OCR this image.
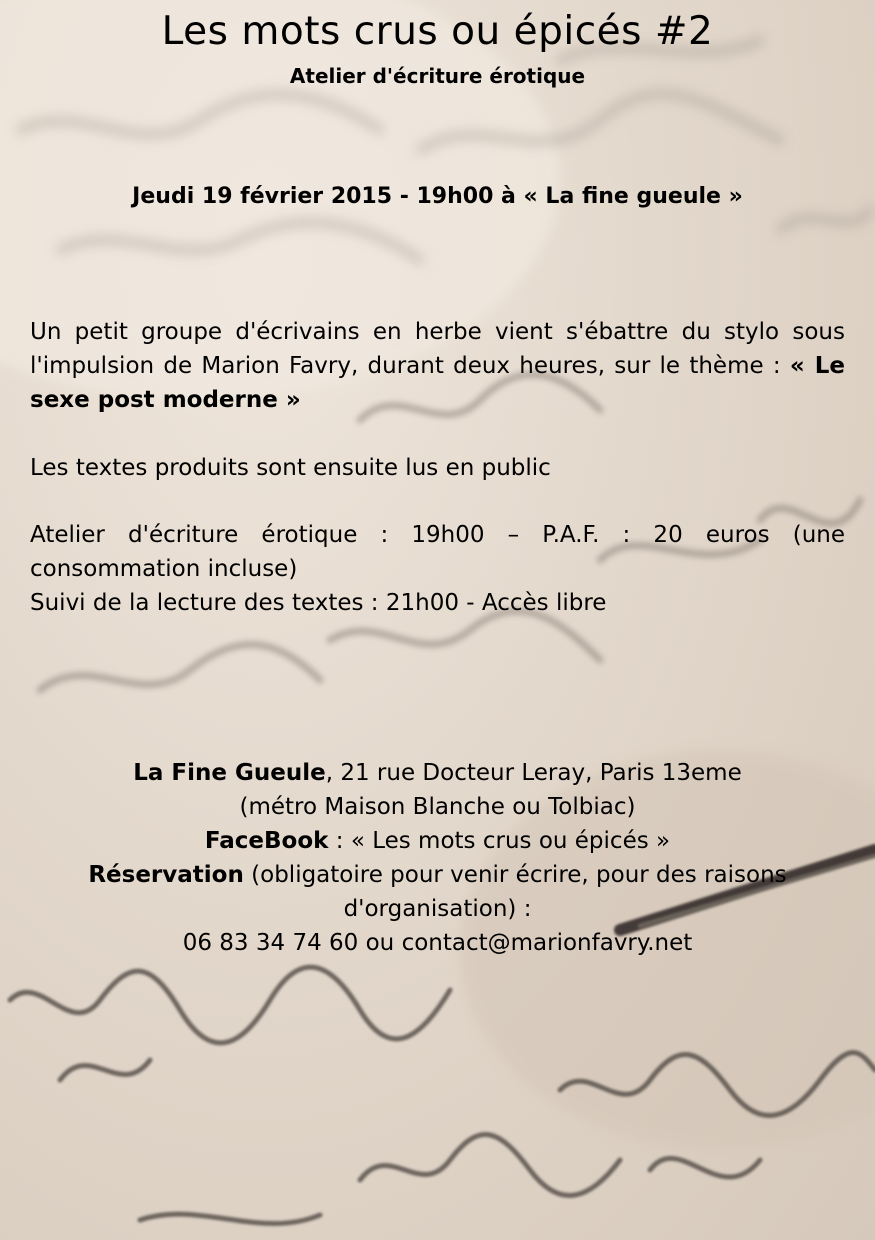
Les mots crus ou épicés #2
Atelier d'écriture érotique
Jeudi 19 février 2015 - 19h00 à « La fine gueule »

Un petit groupe d'écrivains en herbe vient s'ébattre du stylo sous l'impulsion de Marion Favry, durant deux heures, sur le thème : « Le sexe post moderne »

Les textes produits sont ensuite lus en public

Atelier d'écriture érotique : 19h00 – P.A.F. : 20 euros (une consommation incluse)

Suivi de la lecture des textes : 21h00 - Accès libre

La Fine Gueule, 21 rue Docteur Leray, Paris 13eme
(métro Maison Blanche ou Tolbiac)
FaceBook : « Les mots crus ou épicés »
Réservation (obligatoire pour venir écrire, pour des raisons d'organisation) :
06 83 34 74 60 ou contact@marionfavry.net
